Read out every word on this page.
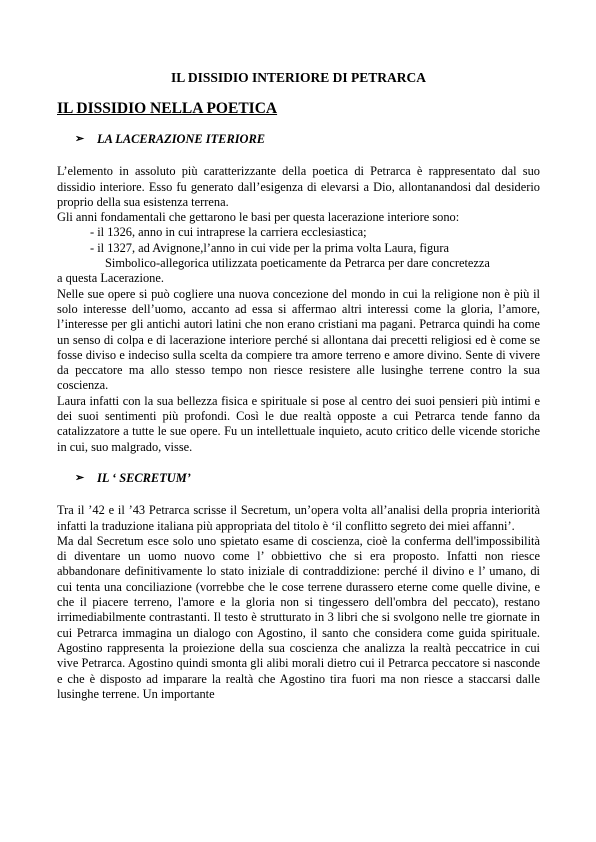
IL DISSIDIO INTERIORE DI PETRARCA
IL DISSIDIO NELLA POETICA
➢	LA LACERAZIONE ITERIORE

L’elemento in assoluto più caratterizzante della poetica di Petrarca è rappresentato dal suo dissidio interiore. Esso fu generato dall’esigenza di elevarsi a Dio, allontanandosi dal desiderio proprio della sua esistenza terrena.

Gli anni fondamentali che gettarono le basi per questa lacerazione interiore sono:

- il 1326, anno in cui intraprese la carriera ecclesiastica;

- il 1327, ad Avignone,l’anno in cui vide per la prima volta Laura, figura

Simbolico-allegorica utilizzata poeticamente da Petrarca per dare concretezza

a questa Lacerazione.

Nelle sue opere si può cogliere una nuova concezione del mondo in cui la religione non è più il solo interesse dell’uomo, accanto ad essa si affermao altri interessi come la gloria, l’amore, l’interesse per gli antichi autori latini che non erano cristiani ma pagani. Petrarca quindi ha come un senso di colpa e di lacerazione interiore perché si allontana dai precetti religiosi ed è come se fosse diviso e indeciso sulla scelta da compiere tra amore terreno e amore divino. Sente di vivere da peccatore ma allo stesso tempo non riesce resistere alle lusinghe terrene contro la sua coscienza.

Laura infatti con la sua bellezza fisica e spirituale si pose al centro dei suoi pensieri più intimi e dei suoi sentimenti più profondi. Così le due realtà opposte a cui Petrarca tende fanno da catalizzatore a tutte le sue opere. Fu un intellettuale inquieto, acuto critico delle vicende storiche in cui, suo malgrado, visse.

➢	IL ‘ SECRETUM’

Tra il ’42 e il ’43 Petrarca scrisse il Secretum, un’opera volta all’analisi della propria interiorità infatti la traduzione italiana più appropriata del titolo è ‘il conflitto segreto dei miei affanni’.

Ma dal Secretum esce solo uno spietato esame di coscienza, cioè la conferma dell'impossibilità di diventare un uomo nuovo come l’ obbiettivo che si era proposto. Infatti non riesce abbandonare definitivamente lo stato iniziale di contraddizione: perché il divino e l’ umano, di cui tenta una conciliazione (vorrebbe che le cose terrene durassero eterne come quelle divine, e che il piacere terreno, l'amore e la gloria non si tingessero dell'ombra del peccato), restano irrimediabilmente contrastanti. Il testo è strutturato in 3 libri che si svolgono nelle tre giornate in cui Petrarca immagina un dialogo con Agostino, il santo che considera come guida spirituale. Agostino rappresenta la proiezione della sua coscienza che analizza la realtà peccatrice in cui vive Petrarca. Agostino quindi smonta gli alibi morali dietro cui il Petrarca peccatore si nasconde e che è disposto ad imparare la realtà che Agostino tira fuori ma non riesce a staccarsi dalle lusinghe terrene. Un importante
